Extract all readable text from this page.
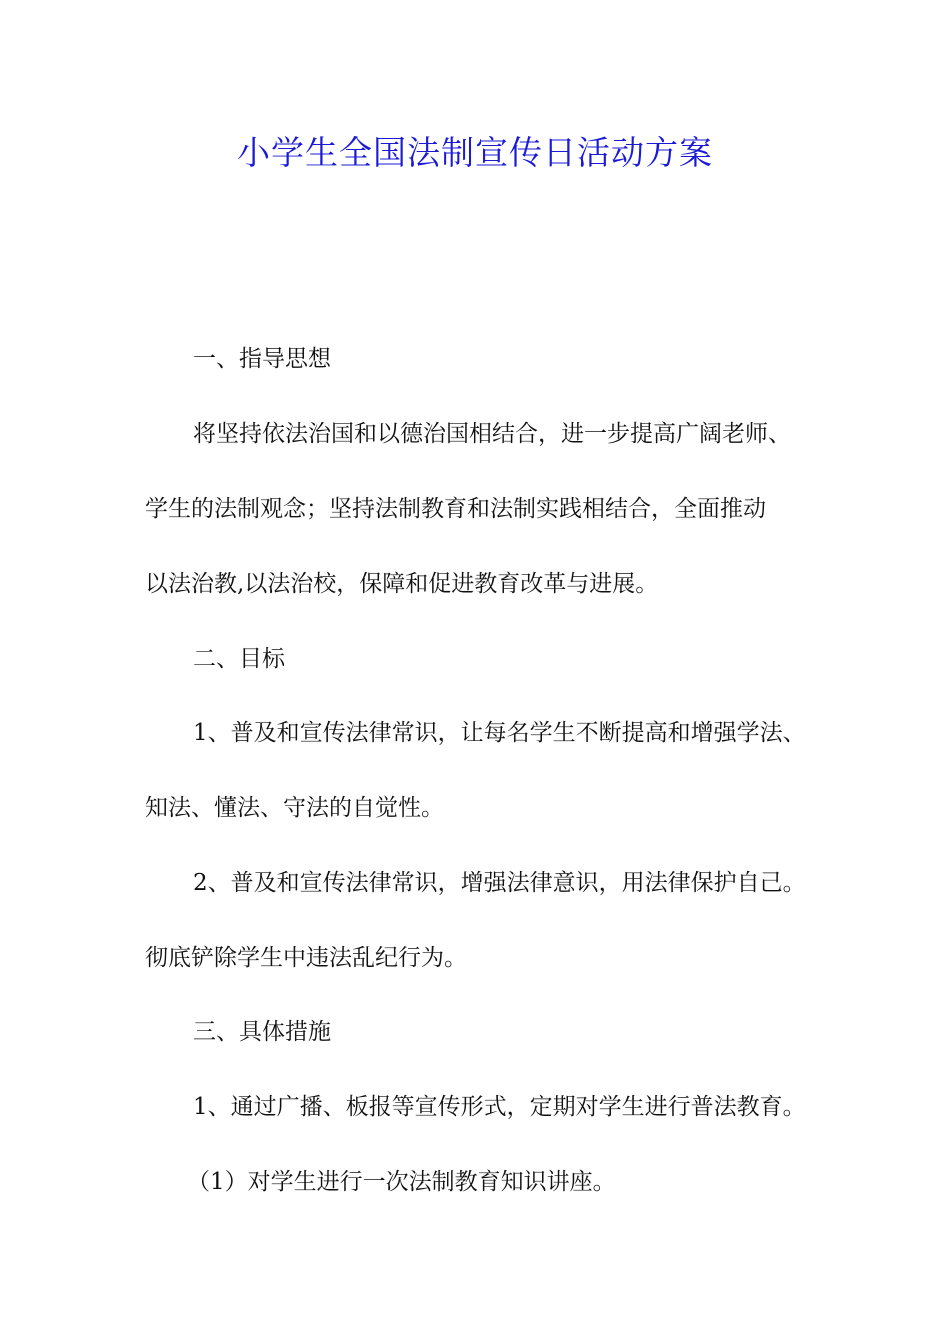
小学生全国法制宣传日活动方案
一、指导思想
将坚持依法治国和以德治国相结合，进一步提高广阔老师、
学生的法制观念；坚持法制教育和法制实践相结合，全面推动
以法治教,以法治校，保障和促进教育改革与进展。
二、目标
1、普及和宣传法律常识，让每名学生不断提高和增强学法、
知法、懂法、守法的自觉性。
2、普及和宣传法律常识，增强法律意识，用法律保护自己。
彻底铲除学生中违法乱纪行为。
三、具体措施
1、通过广播、板报等宣传形式，定期对学生进行普法教育。
（1）对学生进行一次法制教育知识讲座。
